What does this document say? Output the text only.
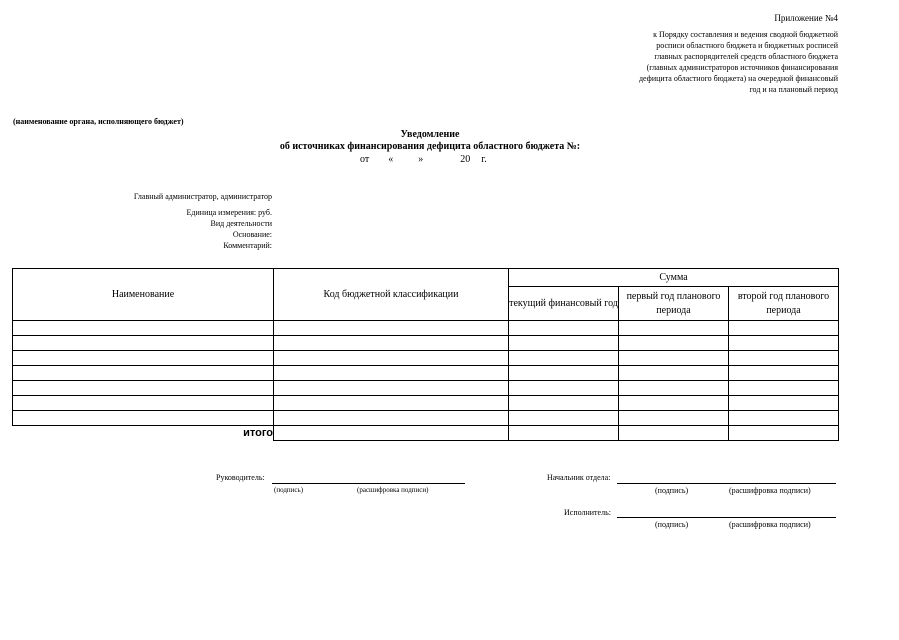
Приложение №4
к Порядку составления и ведения сводной бюджетной
росписи областного бюджета и бюджетных росписей
главных распорядителей средств областного бюджета
(главных администраторов источников финансирования
дефицита областного бюджета) на очередной финансовый
год и на плановый период
(наименование органа, исполняющего бюджет)
Уведомление
об источниках финансирования дефицита областного бюджета №:
от «	»	20 г.
Главный администратор, администратор
Единица измерения: руб.
Вид деятельности
Основание:
Комментарий:
Наименование	Код бюджетной классификации	Сумма		
		текущий финансовый год	первый год планового периода	второй год планового периода

итого				
Руководитель:
(подпись)	(расшифровка подписи)
Начальник отдела:
(подпись)	(расшифровка подписи)
Исполнитель:
(подпись)	(расшифровка подписи)
